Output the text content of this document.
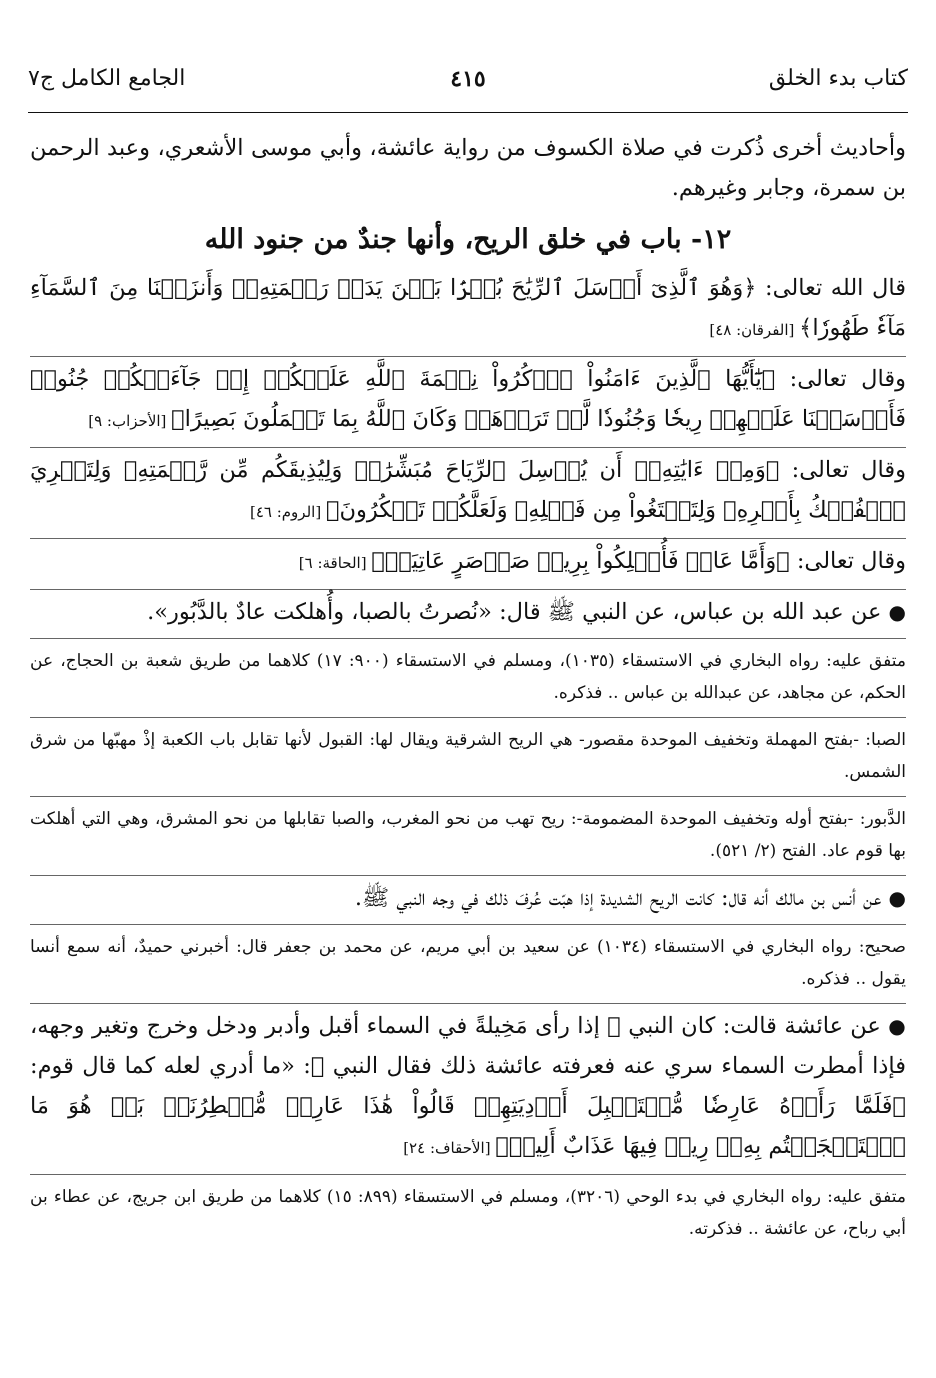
كتاب بدء الخلق
٤١٥
الجامع الكامل ج٧

وأحاديث أخرى ذُكرت في صلاة الكسوف من رواية عائشة، وأبي موسى الأشعري، وعبد الرحمن بن سمرة، وجابر وغيرهم.

١٢- باب في خلق الريح، وأنها جندٌ من جنود الله

قال الله تعالى: ﴿وَهُوَ ٱلَّذِىٓ أَرۡسَلَ ٱلرِّيَٰحَ بُشۡرَۢا بَيۡنَ يَدَىۡ رَحۡمَتِهِۦۚ وَأَنزَلۡنَا مِنَ ٱلسَّمَآءِ مَآءٗ طَهُورٗا﴾ [الفرقان: ٤٨]

وقال تعالى: ﴿يَٰٓأَيُّهَا ٱلَّذِينَ ءَامَنُواْ ٱذۡكُرُواْ نِعۡمَةَ ٱللَّهِ عَلَيۡكُمۡ إِذۡ جَآءَتۡكُمۡ جُنُودٞ فَأَرۡسَلۡنَا عَلَيۡهِمۡ رِيحٗا وَجُنُودٗا لَّمۡ تَرَوۡهَاۚ وَكَانَ ٱللَّهُ بِمَا تَعۡمَلُونَ بَصِيرًا﴾ [الأحزاب: ٩]

وقال تعالى: ﴿وَمِنۡ ءَايَٰتِهِۦٓ أَن يُرۡسِلَ ٱلرِّيَاحَ مُبَشِّرَٰتٖ وَلِيُذِيقَكُم مِّن رَّحۡمَتِهِۦ وَلِتَجۡرِيَ ٱلۡفُلۡكُ بِأَمۡرِهِۦ وَلِتَبۡتَغُواْ مِن فَضۡلِهِۦ وَلَعَلَّكُمۡ تَشۡكُرُونَ﴾ [الروم: ٤٦]

وقال تعالى: ﴿وَأَمَّا عَادٞ فَأُهۡلِكُواْ بِرِيحٖ صَرۡصَرٍ عَاتِيَةٖ﴾ [الحاقة: ٦]

● عن عبد الله بن عباس، عن النبي ﷺ قال: «نُصرتُ بالصبا، وأُهلكت عادٌ بالدَّبُور».

متفق عليه: رواه البخاري في الاستسقاء (١٠٣٥)، ومسلم في الاستسقاء (٩٠٠: ١٧) كلاهما من طريق شعبة بن الحجاج، عن الحكم، عن مجاهد، عن عبدالله بن عباس .. فذكره.

الصبا: -بفتح المهملة وتخفيف الموحدة مقصور- هي الريح الشرقية ويقال لها: القبول لأنها تقابل باب الكعبة إذْ مهبّها من شرق الشمس.

الدَّبور: -بفتح أوله وتخفيف الموحدة المضمومة-: ريح تهب من نحو المغرب، والصبا تقابلها من نحو المشرق، وهي التي أهلكت بها قوم عاد. الفتح (٢/ ٥٢١).

● عن أنس بن مالك أنه قال: كانت الريح الشديدة إذا هبّت عُرفَ ذلك في وجه النبي ﷺ.

صحيح: رواه البخاري في الاستسقاء (١٠٣٤) عن سعيد بن أبي مريم، عن محمد بن جعفر قال: أخبرني حميدٌ، أنه سمع أنسا يقول .. فذكره.

● عن عائشة قالت: كان النبي ﷺ إذا رأى مَخِيلةً في السماء أقبل وأدبر ودخل وخرج وتغير وجهه، فإذا أمطرت السماء سري عنه فعرفته عائشة ذلك فقال النبي ﷺ: «ما أدري لعله كما قال قوم: ﴿فَلَمَّا رَأَوۡهُ عَارِضٗا مُّسۡتَقۡبِلَ أَوۡدِيَتِهِمۡ قَالُواْ هَٰذَا عَارِضٞ مُّمۡطِرُنَاۚ بَلۡ هُوَ مَا ٱسۡتَعۡجَلۡتُم بِهِۦۖ رِيحٞ فِيهَا عَذَابٌ أَلِيمٞ﴾ [الأحقاف: ٢٤]

متفق عليه: رواه البخاري في بدء الوحي (٣٢٠٦)، ومسلم في الاستسقاء (٨٩٩: ١٥) كلاهما من طريق ابن جريج، عن عطاء بن أبي رباح، عن عائشة .. فذكرته.
